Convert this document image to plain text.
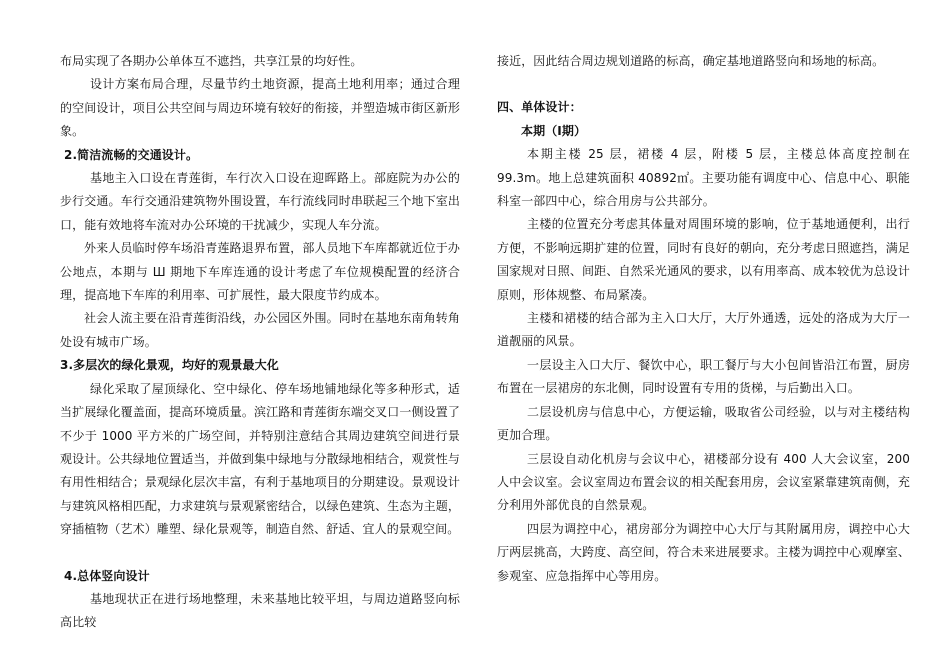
布局实现了各期办公单体互不遮挡，共享江景的均好性。

设计方案布局合理，尽量节约土地资源，提高土地利用率；通过合理的空间设计，项目公共空间与周边环境有较好的衔接，并塑造城市街区新形象。

2.简洁流畅的交通设计。

基地主入口设在青莲街，车行次入口设在迎晖路上。部庭院为办公的步行交通。车行交通沿建筑物外围设置，车行流线同时串联起三个地下室出口，能有效地将车流对办公环境的干扰减少，实现人车分流。

外来人员临时停车场沿青莲路退界布置，部人员地下车库都就近位于办公地点，本期与 Ш 期地下车库连通的设计考虑了车位规模配置的经济合理，提高地下车库的利用率、可扩展性，最大限度节约成本。

社会人流主要在沿青莲街沿线，办公园区外围。同时在基地东南角转角处设有城市广场。

3.多层次的绿化景观，均好的观景最大化

绿化采取了屋顶绿化、空中绿化、停车场地铺地绿化等多种形式，适当扩展绿化覆盖面，提高环境质量。滨江路和青莲街东端交叉口一侧设置了不少于 1000 平方米的广场空间，并特别注意结合其周边建筑空间进行景观设计。公共绿地位置适当，并做到集中绿地与分散绿地相结合，观赏性与有用性相结合；景观绿化层次丰富，有利于基地项目的分期建设。景观设计与建筑风格相匹配，力求建筑与景观紧密结合，以绿色建筑、生态为主题，穿插植物（艺术）雕塑、绿化景观等，制造自然、舒适、宜人的景观空间。

4.总体竖向设计

基地现状正在进行场地整理，未来基地比较平坦，与周边道路竖向标高比较

接近，因此结合周边规划道路的标高，确定基地道路竖向和场地的标高。

四、单体设计：

本期（Ⅰ期）

本期主楼 25 层，裙楼 4 层，附楼 5 层，主楼总体高度控制在 99.3m。地上总建筑面积 40892㎡。主要功能有调度中心、信息中心、职能科室一部四中心，综合用房与公共部分。

主楼的位置充分考虑其体量对周围环境的影响，位于基地通便利，出行方便，不影响远期扩建的位置，同时有良好的朝向，充分考虑日照遮挡，满足国家规对日照、间距、自然采光通风的要求，以有用率高、成本较优为总设计原则，形体规整、布局紧凑。

主楼和裙楼的结合部为主入口大厅，大厅外通透，远处的洛成为大厅一道靓丽的风景。

一层设主入口大厅、餐饮中心，职工餐厅与大小包间皆沿江布置，厨房布置在一层裙房的东北侧，同时设置有专用的货梯，与后勤出入口。

二层设机房与信息中心，方便运输，吸取省公司经验，以与对主楼结构更加合理。

三层设自动化机房与会议中心，裙楼部分设有 400 人大会议室，200 人中会议室。会议室周边布置会议的相关配套用房，会议室紧靠建筑南侧，充分利用外部优良的自然景观。

四层为调控中心，裙房部分为调控中心大厅与其附属用房，调控中心大厅两层挑高，大跨度、高空间，符合未来进展要求。主楼为调控中心观摩室、参观室、应急指挥中心等用房。
